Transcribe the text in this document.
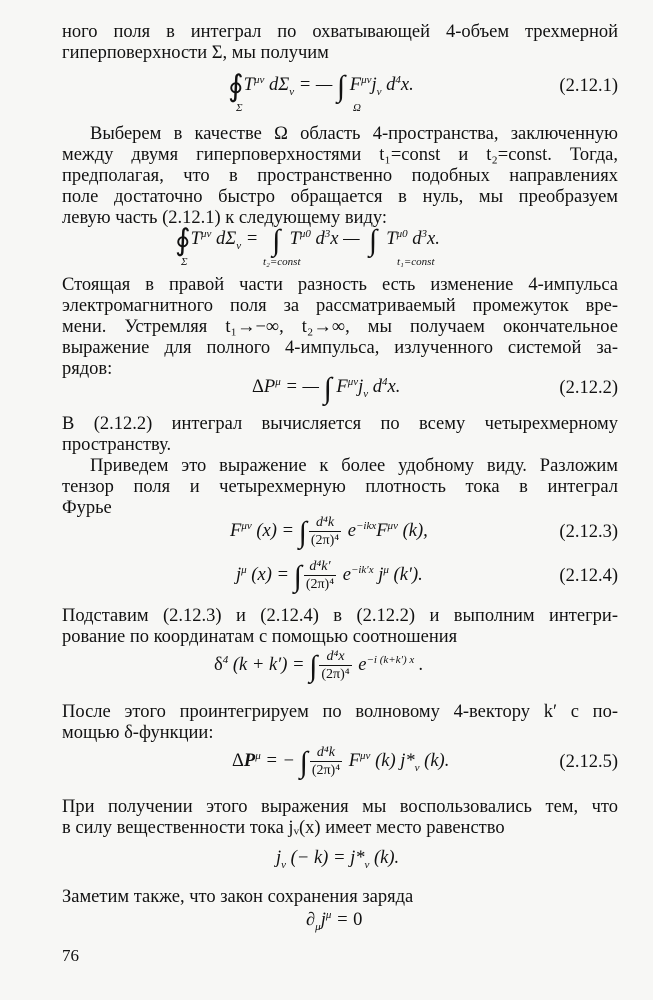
ного поля в интеграл по охватывающей 4-объем трехмерной
гиперповерхности Σ, мы получим
$∮T^{\mu\nu}$ $d\Sigma_\nu$ = — ∫ $F^{\mu\nu}j_\nu$ $d^4x$.
Σ	Ω
(2.12.1)
Выберем в качестве Ω область 4-пространства, заключенную
между двумя гиперповерхностями t₁=const и t₂=const. Тогда,
предполагая, что в пространственно подобных направлениях
поле достаточно быстро обращается в нуль, мы преобразуем
левую часть (2.12.1) к следующему виду:
$∮T^{\mu\nu}$ $d\Sigma_\nu$ =   ∫ $T^{\mu 0}$ $d^3x$ —  ∫ $T^{\mu 0}$ $d^3x$.
Σ	t₂=const	t₁=const
Стоящая в правой части разность есть изменение 4-импульса
электромагнитного поля за рассматриваемый промежуток вре-
мени. Устремляя t₁→−∞, t₂→∞, мы получаем окончательное
выражение для полного 4-импульса, излученного системой за-
рядов:
$\Delta P^\mu$ = — ∫ $F^{\mu\nu}j_\nu$ $d^4x$.	(2.12.2)
В (2.12.2) интеграл вычисляется по всему четырехмерному
пространству.
Приведем это выражение к более удобному виду. Разложим
тензор поля и четырехмерную плотность тока в интеграл
Фурье
$F^{\mu\nu}$ (x) = ∫ $\frac{\text{d⁴k}}{\text{(2π)⁴}} e^{-ikx}F^{\mu\nu}$ (k),	(2.12.3)
$j^\mu$ (x) = ∫ $\frac{\text{d⁴k′}}{\text{(2π)⁴}} e^{-ik'x}$ $j^\mu$ (k′).	(2.12.4)
Подставим (2.12.3) и (2.12.4) в (2.12.2) и выполним интегри-
рование по координатам с помощью соотношения
$\delta^4$ (k + k′) = ∫ $\frac{\text{d⁴x}}{\text{(2π)⁴}} e^{-i (k+k') x}$ .
После этого проинтегрируем по волновому 4-вектору k′ с по-
мощью δ-функции:
$\Delta P^\mu$ = − ∫ $\frac{\text{d⁴k}}{\text{(2π)⁴}} F^{\mu\nu}$ (k) $j*_\nu$ (k).	(2.12.5)
При получении этого выражения мы воспользовались тем, что
в силу вещественности тока jᵥ(x) имеет место равенство
$j_\nu$ (− $k) = j*_\nu$ (k).
Заметим также, что закон сохранения заряда
$\partial_\mu j^\mu = 0$
76
